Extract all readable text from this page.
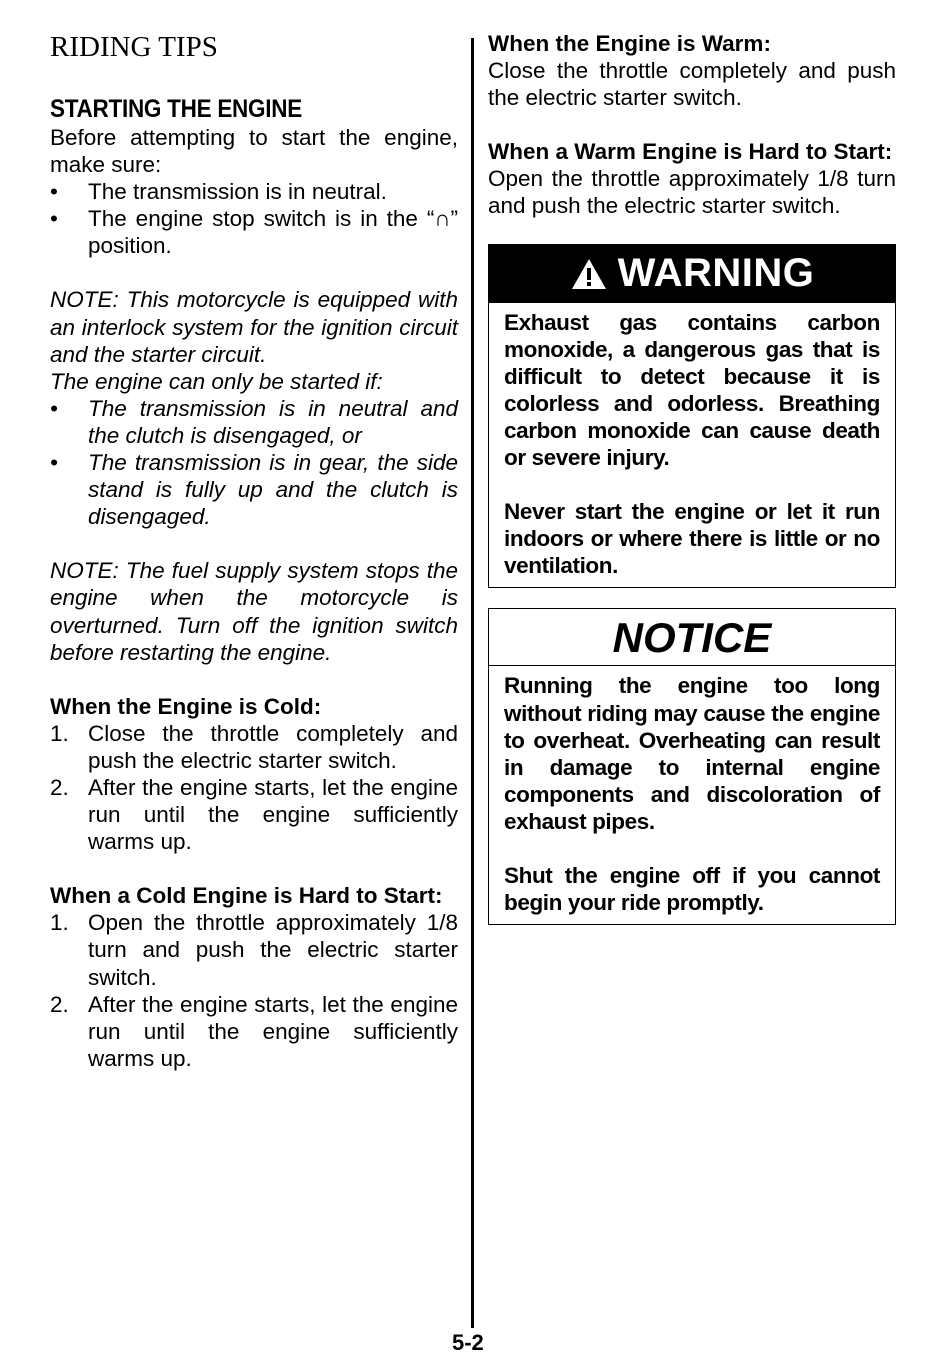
RIDING TIPS
STARTING THE ENGINE

Before attempting to start the engine, make sure:

• The transmission is in neutral.
• The engine stop switch is in the “∩” position.

NOTE: This motorcycle is equipped with an interlock system for the ignition circuit and the starter circuit.

The engine can only be started if:

• The transmission is in neutral and the clutch is disengaged, or
• The transmission is in gear, the side stand is fully up and the clutch is disengaged.

NOTE: The fuel supply system stops the engine when the motorcycle is overturned. Turn off the ignition switch before restarting the engine.

When the Engine is Cold:
1. Close the throttle completely and push the electric starter switch.
2. After the engine starts, let the engine run until the engine sufficiently warms up.
When a Cold Engine is Hard to Start:
1. Open the throttle approximately 1/8 turn and push the electric starter switch.
2. After the engine starts, let the engine run until the engine sufficiently warms up.
When the Engine is Warm:

Close the throttle completely and push the electric starter switch.

When a Warm Engine is Hard to Start:

Open the throttle approximately 1/8 turn and push the electric starter switch.

WARNING

Exhaust gas contains carbon monoxide, a dangerous gas that is difficult to detect because it is colorless and odorless. Breathing carbon monoxide can cause death or severe injury.

Never start the engine or let it run indoors or where there is little or no ventilation.

NOTICE

Running the engine too long without riding may cause the engine to overheat. Overheating can result in damage to internal engine components and discoloration of exhaust pipes.

Shut the engine off if you cannot begin your ride promptly.

5-2
